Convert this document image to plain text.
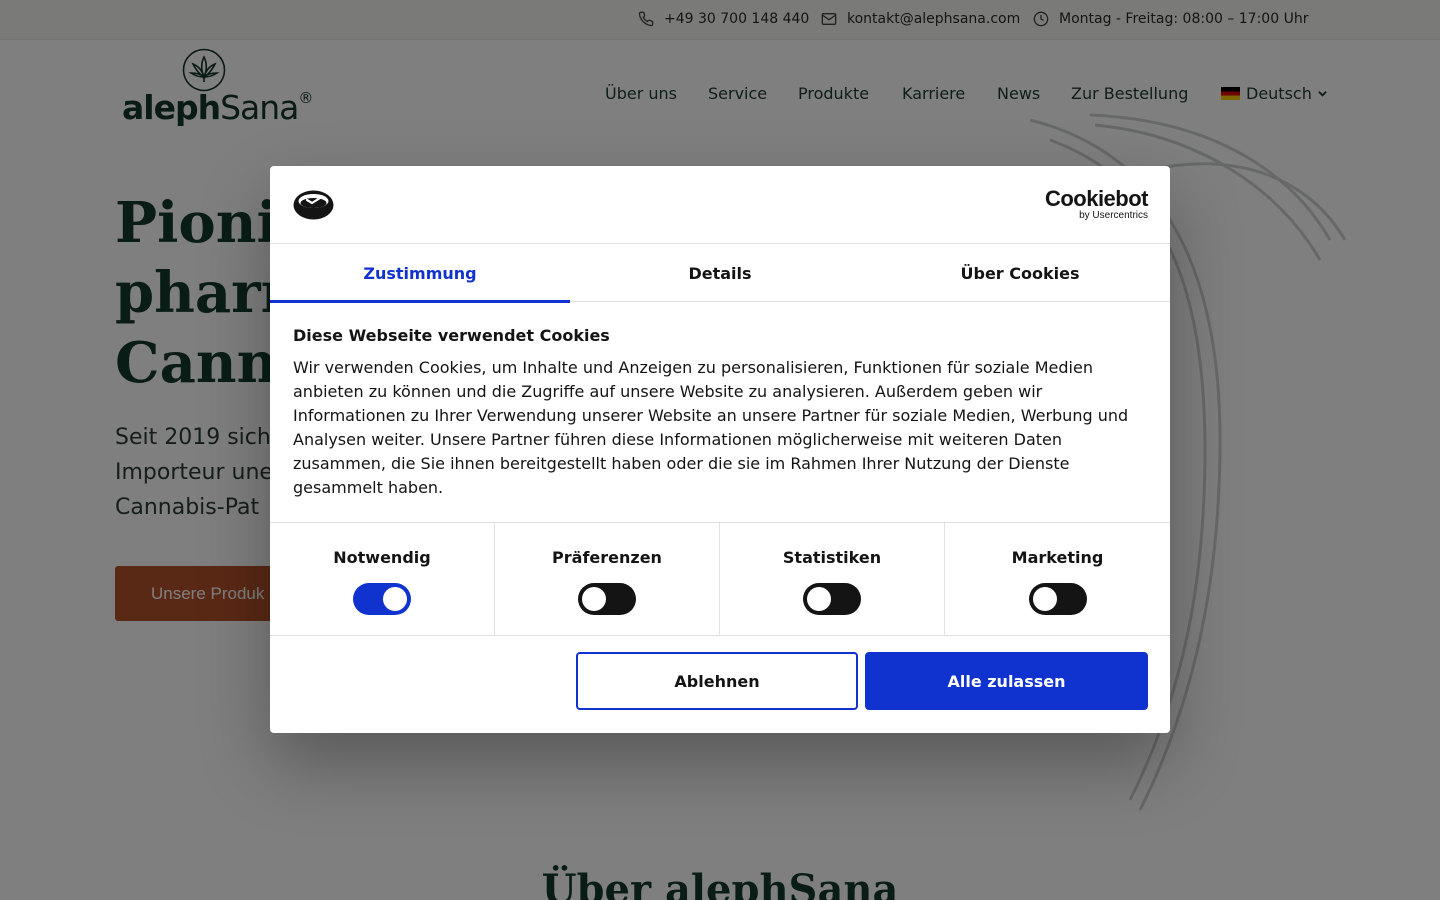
Cookiebot
by Usercentrics
Zustimmung	Details	Über Cookies
Diese Webseite verwendet Cookies

Wir verwenden Cookies, um Inhalte und Anzeigen zu personalisieren, Funktionen für soziale Medien anbieten zu können und die Zugriffe auf unsere Website zu analysieren. Außerdem geben wir Informationen zu Ihrer Verwendung unserer Website an unsere Partner für soziale Medien, Werbung und Analysen weiter. Unsere Partner führen diese Informationen möglicherweise mit weiteren Daten zusammen, die Sie ihnen bereitgestellt haben oder die sie im Rahmen Ihrer Nutzung der Dienste gesammelt haben.

Notwendig	Präferenzen	Statistiken	Marketing
Ablehnen	Alle zulassen
